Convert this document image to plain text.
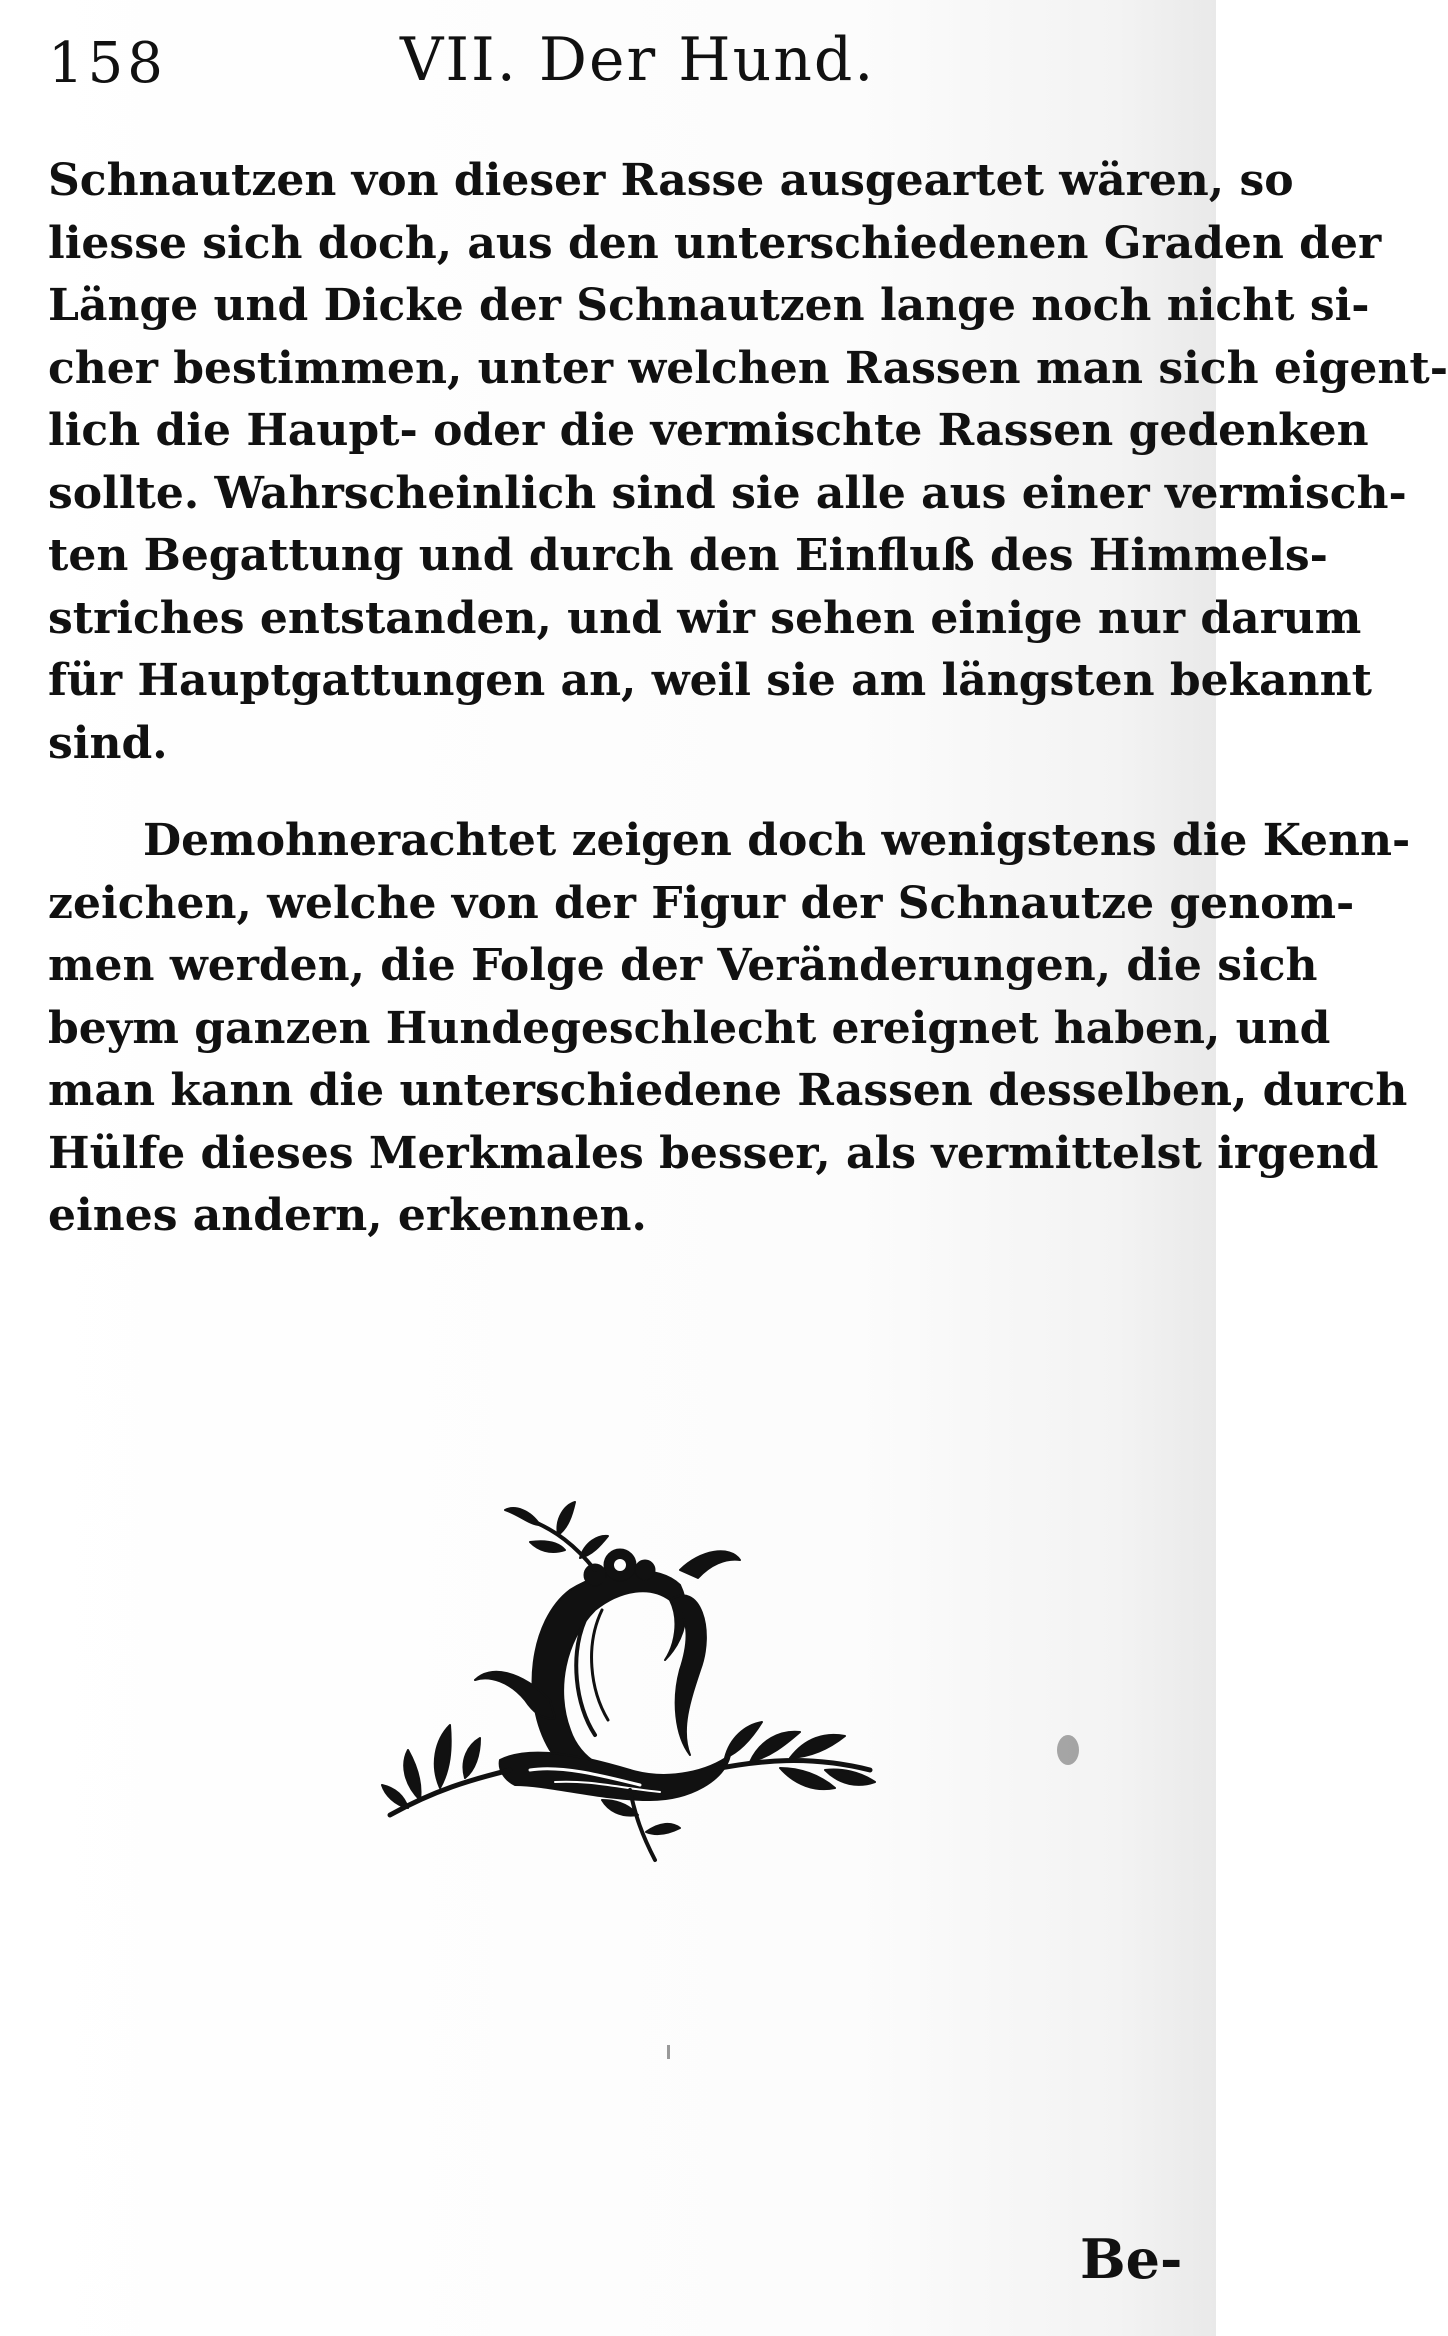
158	VII. Der Hund.
Schnautzen von dieser Rasse ausgeartet wären, so
liesse sich doch, aus den unterschiedenen Graden der
Länge und Dicke der Schnautzen lange noch nicht si-
cher bestimmen, unter welchen Rassen man sich eigent-
lich die Haupt- oder die vermischte Rassen gedenken
sollte. Wahrscheinlich sind sie alle aus einer vermisch-
ten Begattung und durch den Einfluß des Himmels-
striches entstanden, und wir sehen einige nur darum
für Hauptgattungen an, weil sie am längsten bekannt
sind.
Demohnerachtet zeigen doch wenigstens die Kenn-
zeichen, welche von der Figur der Schnautze genom-
men werden, die Folge der Veränderungen, die sich
beym ganzen Hundegeschlecht ereignet haben, und
man kann die unterschiedene Rassen desselben, durch
Hülfe dieses Merkmales besser, als vermittelst irgend
eines andern, erkennen.
Be-
